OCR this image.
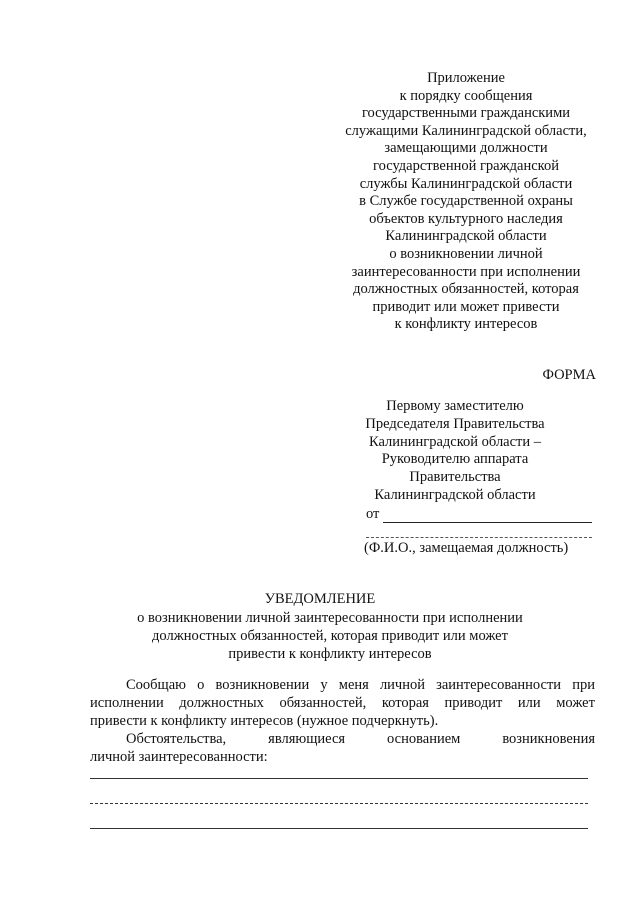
Приложение
к порядку сообщения
государственными гражданскими
служащими Калининградской области,
замещающими должности
государственной гражданской
службы Калининградской области
в Службе государственной охраны
объектов культурного наследия
Калининградской области
о возникновении личной
заинтересованности при исполнении
должностных обязанностей, которая
приводит или может привести
к конфликту интересов
ФОРМА
Первому заместителю
Председателя Правительства
Калининградской области –
Руководителю аппарата
Правительства
Калининградской области
от
(Ф.И.О., замещаемая должность)
УВЕДОМЛЕНИЕ
о возникновении личной заинтересованности при исполнении
должностных обязанностей, которая приводит или может
привести к конфликту интересов
Сообщаю о возникновении у меня личной заинтересованности при
исполнении должностных обязанностей, которая приводит или может
привести к конфликту интересов (нужное подчеркнуть).
Обстоятельства,	являющиеся	основанием	возникновения
личной заинтересованности:
